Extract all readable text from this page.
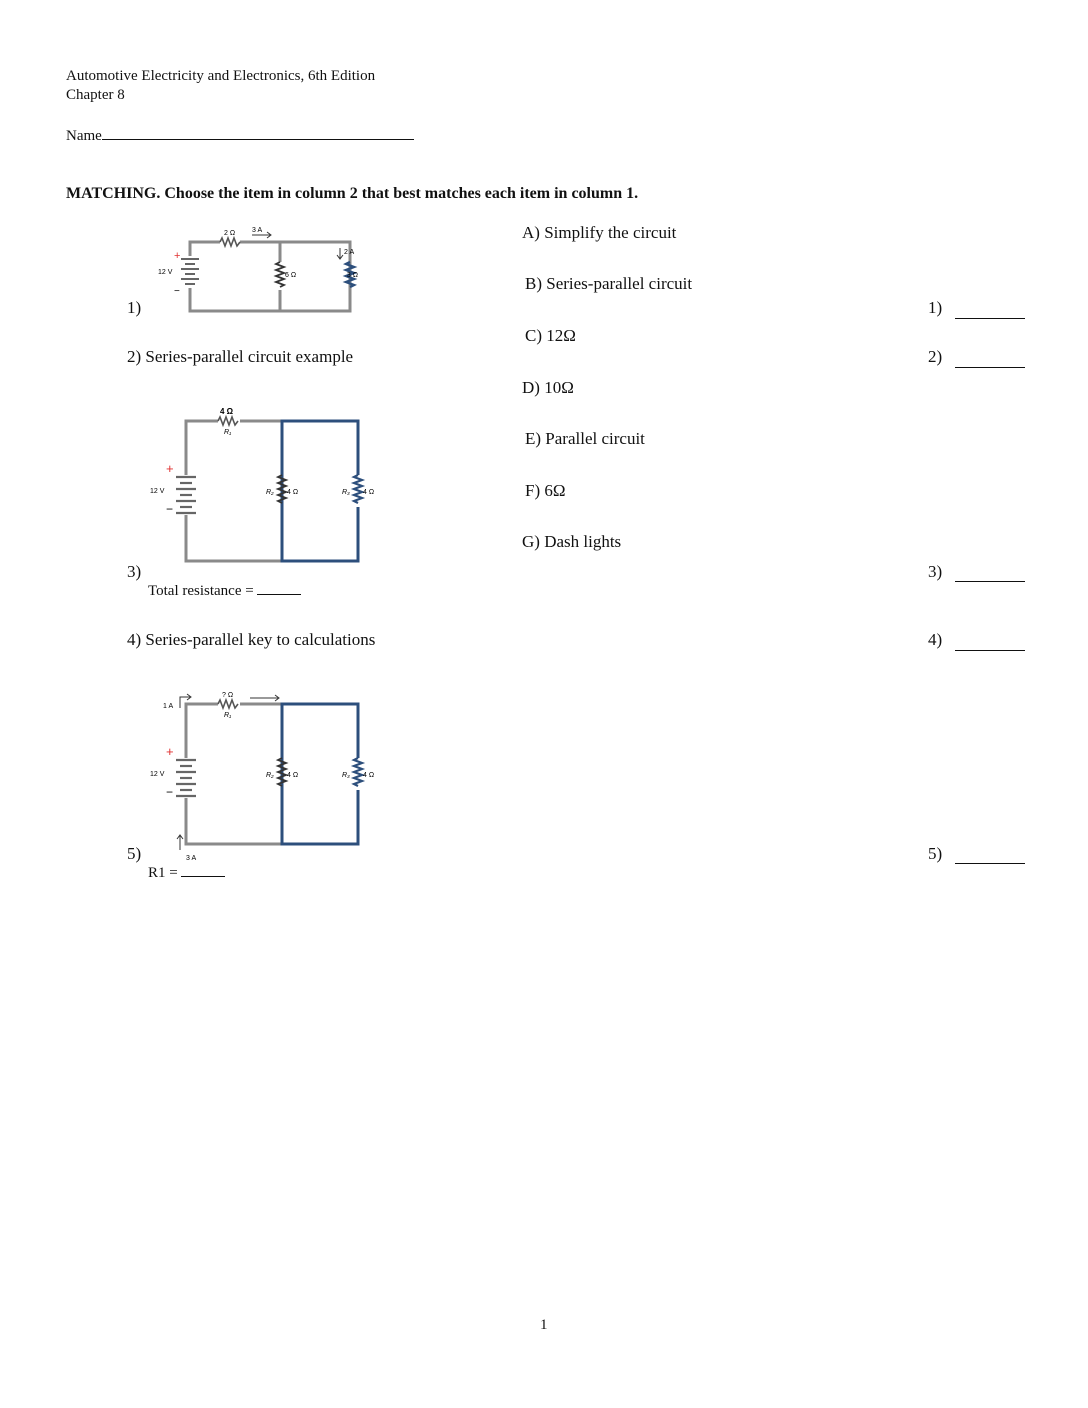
Automotive Electricity and Electronics, 6th Edition
Chapter 8
Name
MATCHING. Choose the item in column 2 that best matches each item in column 1.
2 Ω 3 A
12 V	6 Ω	3 Ω
2 A
+
−
4 Ω
R₁
12 V	R₂ 4 Ω	R₃ 4 Ω
+
−
? Ω
R₁
1 A
12 V	R₂ 4 Ω	R₃ 4 Ω
3 A
+
−
1)
2) Series-parallel circuit example
3)
Total resistance =
4) Series-parallel key to calculations
5)
R1 =
A) Simplify the circuit
B) Series-parallel circuit
C) 12Ω
D) 10Ω
E) Parallel circuit
F) 6Ω
G) Dash lights
1)
2)
3)
4)
5)
1
